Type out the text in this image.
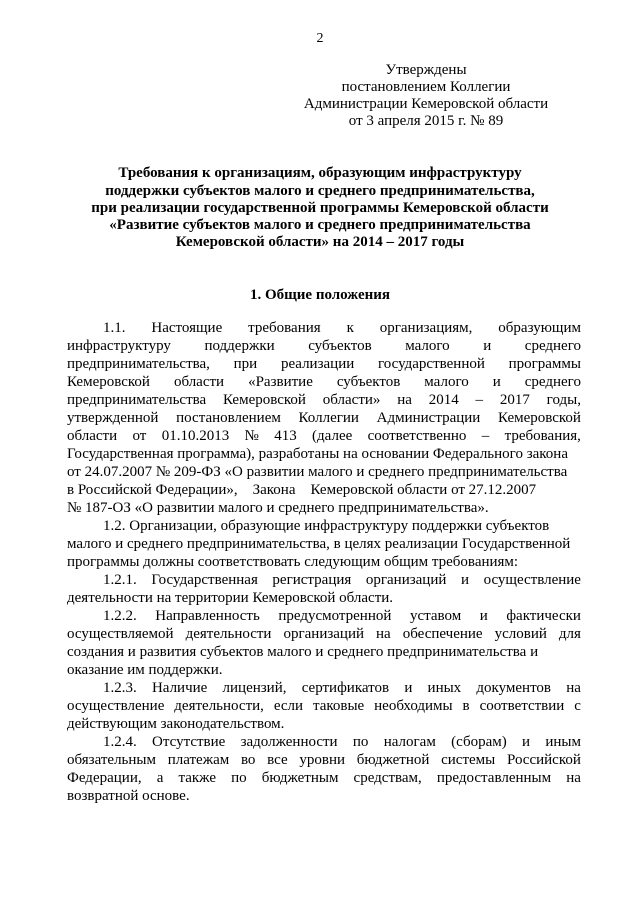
2
Утверждены
постановлением Коллегии
Администрации Кемеровской области
от 3 апреля 2015 г. № 89
Требования к организациям, образующим инфраструктуру
поддержки субъектов малого и среднего предпринимательства,
при реализации государственной программы Кемеровской области
«Развитие субъектов малого и среднего предпринимательства
Кемеровской области» на 2014 – 2017 годы
1. Общие положения
1.1. Настоящие требования к организациям, образующим
инфраструктуру поддержки субъектов малого и среднего
предпринимательства, при реализации государственной программы
Кемеровской области «Развитие субъектов малого и среднего
предпринимательства Кемеровской области» на 2014 – 2017 годы,
утвержденной постановлением Коллегии Администрации Кемеровской
области от 01.10.2013 № 413 (далее соответственно – требования,
Государственная программа), разработаны на основании Федерального закона
от 24.07.2007 № 209-ФЗ «О развитии малого и среднего предпринимательства
в Российской Федерации»,    Закона    Кемеровской области от 27.12.2007
№ 187-ОЗ «О развитии малого и среднего предпринимательства».
1.2. Организации, образующие инфраструктуру поддержки субъектов
малого и среднего предпринимательства, в целях реализации Государственной
программы должны соответствовать следующим общим требованиям:
1.2.1. Государственная регистрация организаций и осуществление
деятельности на территории Кемеровской области.
1.2.2. Направленность предусмотренной уставом и фактически
осуществляемой деятельности организаций на обеспечение условий для
создания и развития субъектов малого и среднего предпринимательства и
оказание им поддержки.
1.2.3. Наличие лицензий, сертификатов и иных документов на
осуществление деятельности, если таковые необходимы в соответствии с
действующим законодательством.
1.2.4. Отсутствие задолженности по налогам (сборам) и иным
обязательным платежам во все уровни бюджетной системы Российской
Федерации, а также по бюджетным средствам, предоставленным на
возвратной основе.
